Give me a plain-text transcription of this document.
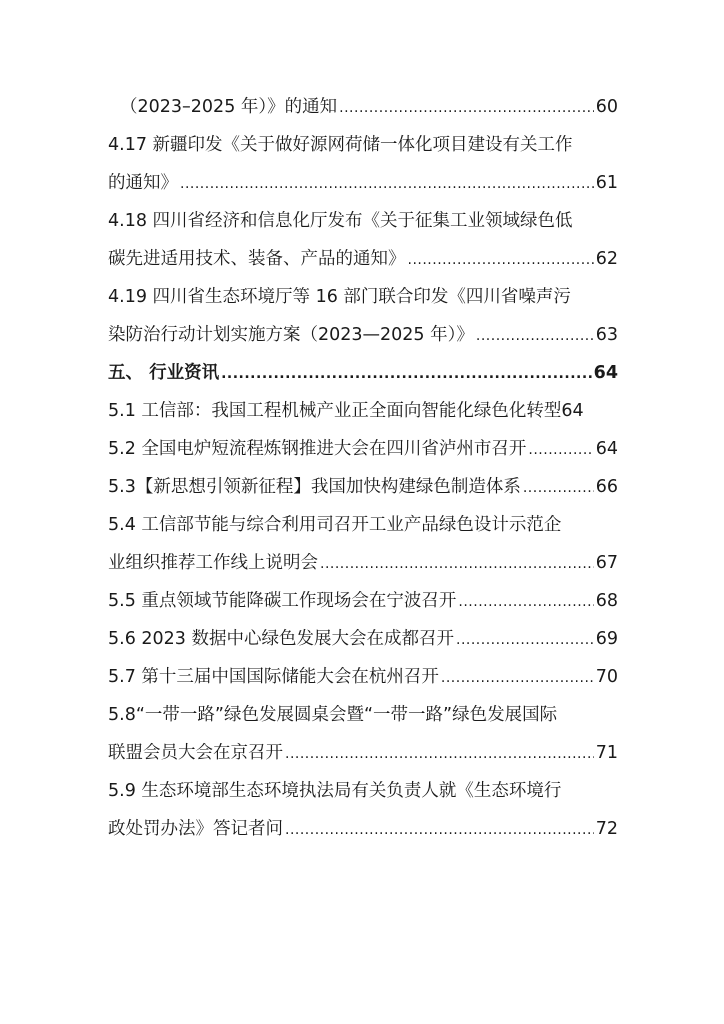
（2023–2025 年）》的通知 .....	60
4.17 新疆印发《关于做好源网荷储一体化项目建设有关工作
的通知》 .....	61
4.18 四川省经济和信息化厅发布《关于征集工业领域绿色低
碳先进适用技术、装备、产品的通知》 .....	62
4.19 四川省生态环境厅等 16 部门联合印发《四川省噪声污
染防治行动计划实施方案（2023—2025 年）》 .....	63
五、 行业资讯 .....	64
5.1 工信部：我国工程机械产业正全面向智能化绿色化转型 64
5.2 全国电炉短流程炼钢推进大会在四川省泸州市召开 .....	64
5.3【新思想引领新征程】我国加快构建绿色制造体系 .....	66
5.4 工信部节能与综合利用司召开工业产品绿色设计示范企
业组织推荐工作线上说明会 .....	67
5.5 重点领域节能降碳工作现场会在宁波召开 .....	68
5.6 2023 数据中心绿色发展大会在成都召开 .....	69
5.7 第十三届中国国际储能大会在杭州召开 .....	70
5.8“一带一路”绿色发展圆桌会暨“一带一路”绿色发展国际
联盟会员大会在京召开 .....	71
5.9 生态环境部生态环境执法局有关负责人就《生态环境行
政处罚办法》答记者问 .....	72
